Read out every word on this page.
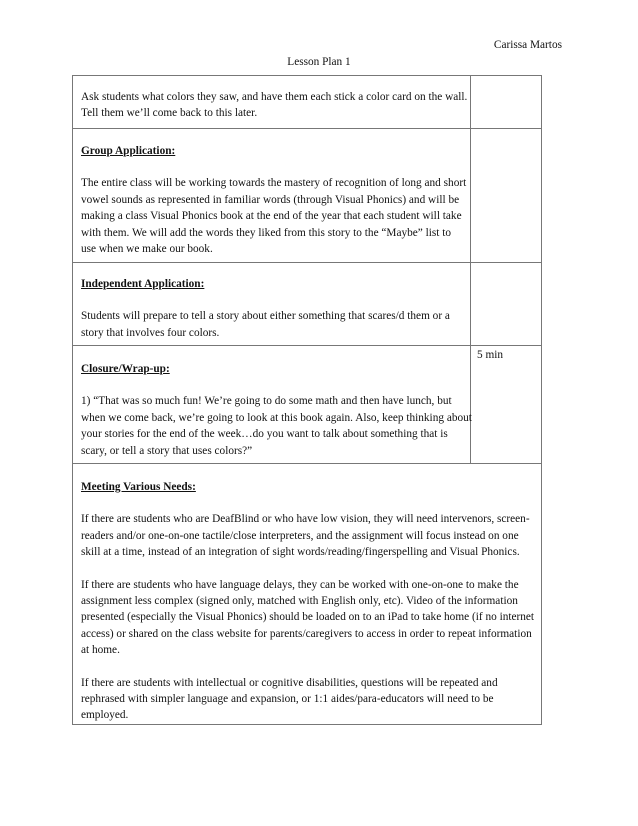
Carissa Martos
Lesson Plan 1

Ask students what colors they saw, and have them each stick a color card on the wall. Tell them we’ll come back to this later.	

Group Application:

The entire class will be working towards the mastery of recognition of long and short vowel sounds as represented in familiar words (through Visual Phonics) and will be making a class Visual Phonics book at the end of the year that each student will take with them. We will add the words they liked from this story to the “Maybe” list to use when we make our book.	

Independent Application:

Students will prepare to tell a story about either something that scares/d them or a story that involves four colors.	

Closure/Wrap-up:

1) “That was so much fun! We’re going to do some math and then have lunch, but when we come back, we’re going to look at this book again. Also, keep thinking about your stories for the end of the week…do you want to talk about something that is scary, or tell a story that uses colors?”	5 min

Meeting Various Needs:

If there are students who are DeafBlind or who have low vision, they will need intervenors, screen-readers and/or one-on-one tactile/close interpreters, and the assignment will focus instead on one skill at a time, instead of an integration of sight words/reading/fingerspelling and Visual Phonics.

If there are students who have language delays, they can be worked with one-on-one to make the assignment less complex (signed only, matched with English only, etc). Video of the information presented (especially the Visual Phonics) should be loaded on to an iPad to take home (if no internet access) or shared on the class website for parents/caregivers to access in order to repeat information at home.

If there are students with intellectual or cognitive disabilities, questions will be repeated and rephrased with simpler language and expansion, or 1:1 aides/para-educators will need to be employed.	
